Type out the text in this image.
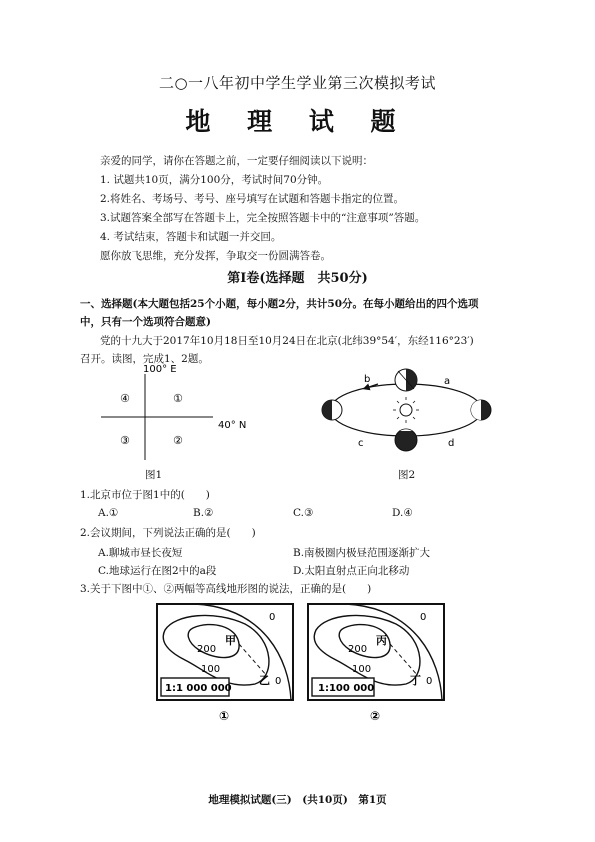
二○一八年初中学生学业第三次模拟考试
地 理 试 题
亲爱的同学，请你在答题之前，一定要仔细阅读以下说明：
1. 试题共10页，满分100分，考试时间70分钟。
2.将姓名、考场号、考号、座号填写在试题和答题卡指定的位置。
3.试题答案全部写在答题卡上，完全按照答题卡中的“注意事项”答题。
4. 考试结束，答题卡和试题一并交回。
愿你放飞思维，充分发挥，争取交一份圆满答卷。
第Ⅰ卷(选择题　共50分)
一、选择题(本大题包括25个小题，每小题2分，共计50分。在每小题给出的四个选项
中，只有一个选项符合题意)
党的十九大于2017年10月18日至10月24日在北京(北纬39°54′，东经116°23′)
召开。读图，完成1、2题。
100° E
40° N
④	①
③	②
图1
b	a
c	d
图2
1.北京市位于图1中的(　　)
A.①	B.②	C.③	D.④
2.会议期间，下列说法正确的是(　　)
A.聊城市昼长夜短	B.南极圈内极昼范围逐渐扩大
C.地球运行在图2中的a段	D.太阳直射点正向北移动
3.关于下图中①、②两幅等高线地形图的说法，正确的是(　　)
0
200
100
甲
乙 0
1:1 000 000
①
0
200
100
丙
丁 0
1:100 000
②
地理模拟试题(三)　(共10页)　第1页
